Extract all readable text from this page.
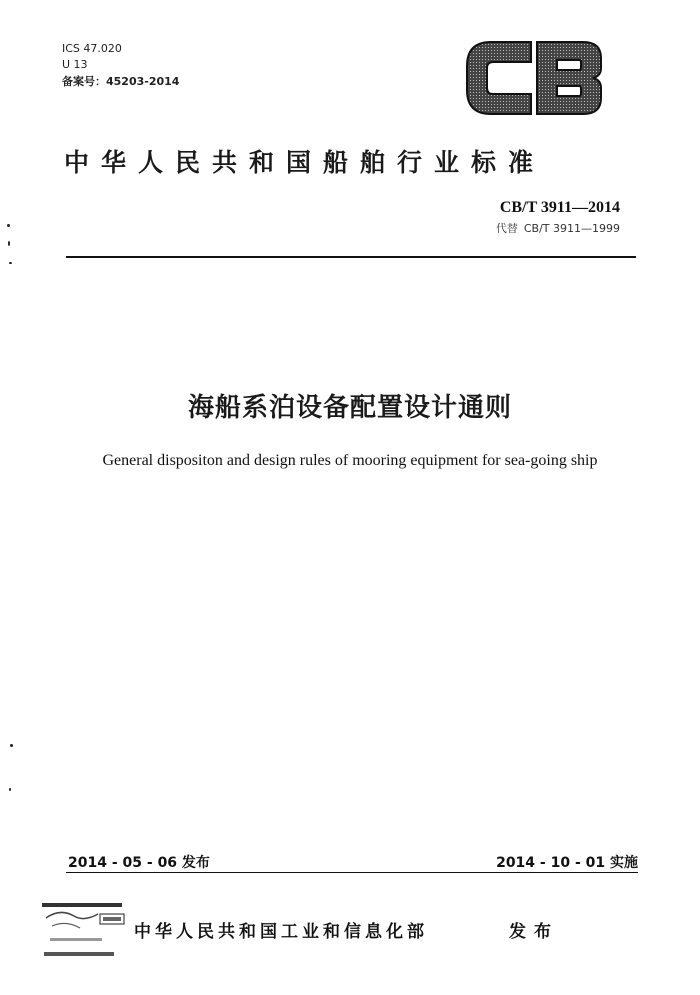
ICS 47.020
U 13
备案号：45203-2014
中华人民共和国船舶行业标准
CB/T 3911—2014
代替 CB/T 3911—1999
海船系泊设备配置设计通则
General dispositon and design rules of mooring equipment for sea-going ship
2014 - 05 - 06 发布	2014 - 10 - 01 实施
中华人民共和国工业和信息化部	发布
